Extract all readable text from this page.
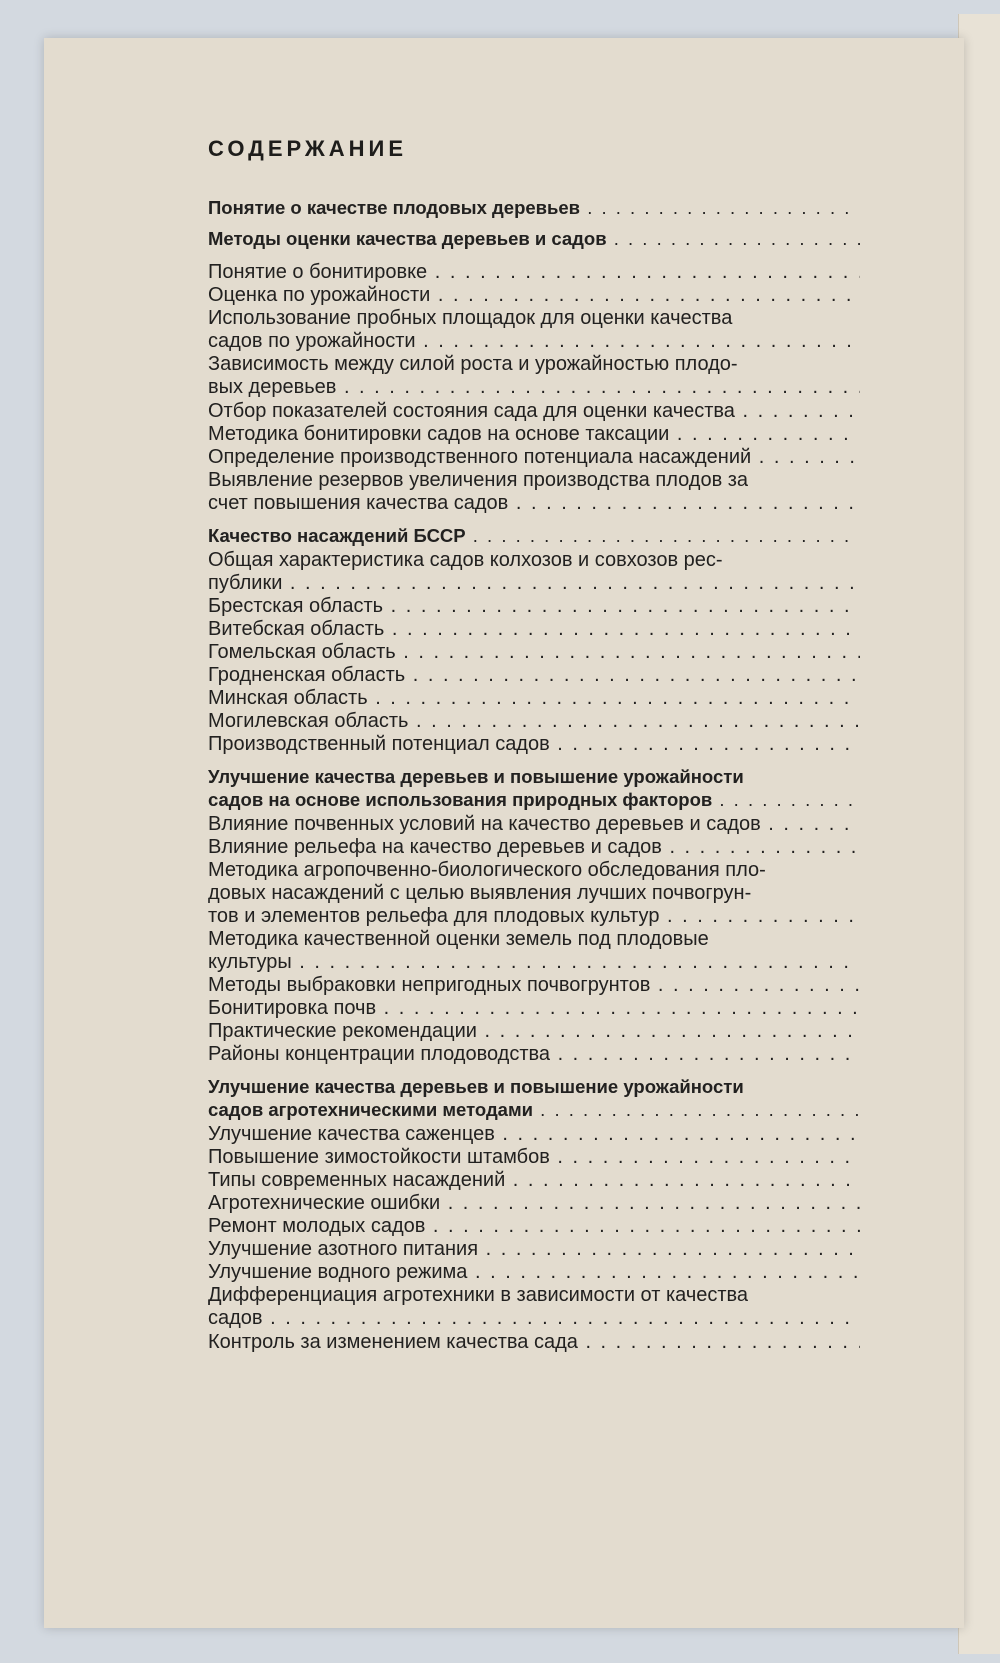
СОДЕРЖАНИЕ
Понятие о качестве плодовых деревьев . . .
Методы оценки качества деревьев и садов . . .
Понятие о бонитировке . . .
Оценка по урожайности . . .
Использование пробных площадок для оценки качества
садов по урожайности . . .
Зависимость между силой роста и урожайностью плодо-
вых деревьев . . .
Отбор показателей состояния сада для оценки качества . . .
Методика бонитировки садов на основе таксации . . .
Определение производственного потенциала насаждений . . .
Выявление резервов увеличения производства плодов за
счет повышения качества садов . . .
Качество насаждений БССР . . .
Общая характеристика садов колхозов и совхозов рес-
публики . . .
Брестская область . . .
Витебская область . . .
Гомельская область . . .
Гродненская область . . .
Минская область . . .
Могилевская область . . .
Производственный потенциал садов . . .
Улучшение качества деревьев и повышение урожайности
садов на основе использования природных факторов . . .
Влияние почвенных условий на качество деревьев и садов . . .
Влияние рельефа на качество деревьев и садов . . .
Методика агропочвенно-биологического обследования пло-
довых насаждений с целью выявления лучших почвогрун-
тов и элементов рельефа для плодовых культур . . .
Методика качественной оценки земель под плодовые
культуры . . .
Методы выбраковки непригодных почвогрунтов . . .
Бонитировка почв . . .
Практические рекомендации . . .
Районы концентрации плодоводства . . .
Улучшение качества деревьев и повышение урожайности
садов агротехническими методами . . .
Улучшение качества саженцев . . .
Повышение зимостойкости штамбов . . .
Типы современных насаждений . . .
Агротехнические ошибки . . .
Ремонт молодых садов . . .
Улучшение азотного питания . . .
Улучшение водного режима . . .
Дифференциация агротехники в зависимости от качества
садов . . .
Контроль за изменением качества сада . . .
